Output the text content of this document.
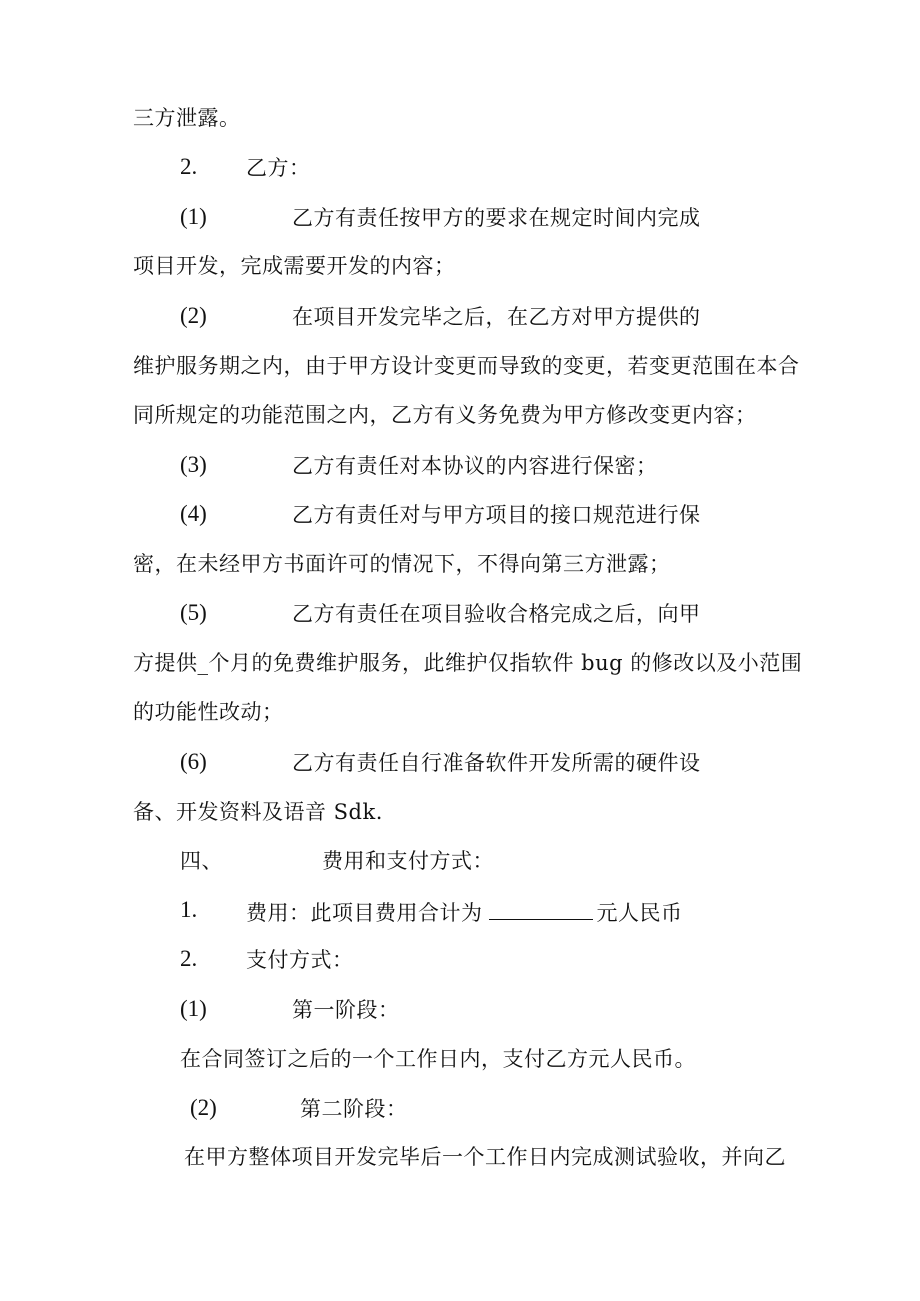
三方泄露。
2. 乙方：
(1)	乙方有责任按甲方的要求在规定时间内完成
项目开发，完成需要开发的内容；
(2)	在项目开发完毕之后，在乙方对甲方提供的
维护服务期之内，由于甲方设计变更而导致的变更，若变更范围在本合
同所规定的功能范围之内，乙方有义务免费为甲方修改变更内容；
(3)	乙方有责任对本协议的内容进行保密；
(4)	乙方有责任对与甲方项目的接口规范进行保
密，在未经甲方书面许可的情况下，不得向第三方泄露；
(5)	乙方有责任在项目验收合格完成之后，向甲
方提供_个月的免费维护服务，此维护仅指软件 bug 的修改以及小范围
的功能性改动；
(6)	乙方有责任自行准备软件开发所需的硬件设
备、开发资料及语音 Sdk.
四、	费用和支付方式：
1. 费用：此项目费用合计为	元人民币
2. 支付方式：
(1)	第一阶段：
在合同签订之后的一个工作日内，支付乙方元人民币。
(2)	第二阶段：
在甲方整体项目开发完毕后一个工作日内完成测试验收，并向乙
